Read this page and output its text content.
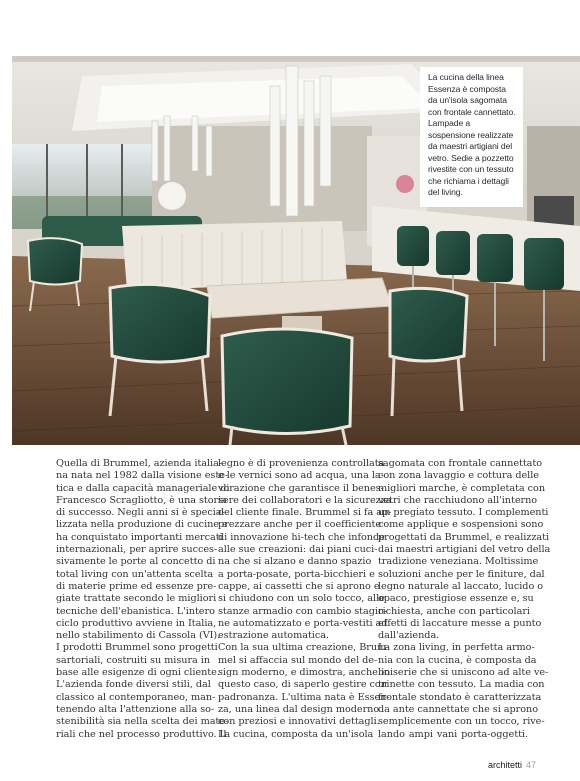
La cucina della linea Essenza è composta da un'isola sagomata con frontale cannettato. Lampade a sospensione realizzate da maestri artigiani del vetro. Sedie a pozzetto rivestite con un tessuto che richiama i dettagli del living.
Quella di Brummel, azienda italia-
na nata nel 1982 dalla visione este-
tica e dalla capacità manageriale di
Francesco Scragliotto, è una storia
di successo. Negli anni si è specia-
lizzata nella produzione di cucine e
ha conquistato importanti mercati
internazionali, per aprire succes-
sivamente le porte al concetto di
total living con un'attenta scelta
di materie prime ed essenze pre-
giate trattate secondo le migliori
tecniche dell'ebanistica. L'intero
ciclo produttivo avviene in Italia,
nello stabilimento di Cassola (VI).
I prodotti Brummel sono progetti
sartoriali, costruiti su misura in
base alle esigenze di ogni cliente.
L'azienda fonde diversi stili, dal
classico al contemporaneo, man-
tenendo alta l'attenzione alla so-
stenibilità sia nella scelta dei mate-
riali che nel processo produttivo. Il
legno è di provenienza controllata
e le vernici sono ad acqua, una la-
vorazione che garantisce il benes-
sere dei collaboratori e la sicurezza
del cliente finale. Brummel si fa ap-
prezzare anche per il coefficiente
di innovazione hi-tech che infonde
alle sue creazioni: dai piani cuci-
na che si alzano e danno spazio
a porta-posate, porta-bicchieri e
cappe, ai cassetti che si aprono e
si chiudono con un solo tocco, alle
stanze armadio con cambio stagio-
ne automatizzato e porta-vestiti ad
estrazione automatica.
Con la sua ultima creazione, Brum-
mel si affaccia sul mondo del de-
sign moderno, e dimostra, anche in
questo caso, di saperlo gestire con
padronanza. L'ultima nata è Essen-
za, una linea dal design moderno
con preziosi e innovativi dettagli.
La cucina, composta da un'isola
sagomata con frontale cannettato
con zona lavaggio e cottura delle
migliori marche, è completata con
vetri che racchiudono all'interno
un pregiato tessuto. I complementi
come applique e sospensioni sono
progettati da Brummel, e realizzati
dai maestri artigiani del vetro della
tradizione veneziana. Moltissime
soluzioni anche per le finiture, dal
legno naturale al laccato, lucido o
opaco, prestigiose essenze e, su
richiesta, anche con particolari
effetti di laccature messe a punto
dall'azienda.
La zona living, in perfetta armo-
nia con la cucina, è composta da
boiserie che si uniscono ad alte ve-
trinette con tessuto. La madia con
frontale stondato è caratterizzata
da ante cannettate che si aprono
semplicemente con un tocco, rive-
lando ampi vani porta-oggetti.
architetti 47
